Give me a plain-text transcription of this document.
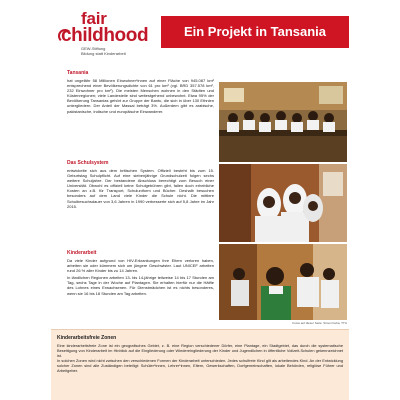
fair
childhood
GEW-Stiftung
Bildung statt Kinderarbeit
Ein Projekt in Tansania
Tansania
hat ungefähr 58 Millionen Einwohner*innen auf einer Fläche von 945.087 km² entsprechend einer Bevölkerungsdichte von 61 pro km² (vgl. BRD 357.578 km², 232 Einwohner pro km²). Die meisten Menschen wohnen in den Städten und Küstenregionen; viele Landesteile sind weitestgehend unbewohnt. Etwa 95% der Bevölkerung Tansanias gehört zur Gruppe der Bantu, die sich in über 130 Ethnien untergliedern. Der Anteil der Massai beträgt 3%. Außerdem gibt es arabische, pakistanische, indische und europäische Einwanderer.
Das Schulsystem
entwickelte sich aus dem britischen System. Offiziell besteht bis zum 15. Geburtstag Schulpflicht. Auf eine siebenjährige Grundschulzeit folgen sechs weitere Schuljahre. Der bestandene Abschluss berechtigt zum Besuch einer Universität. Obwohl es offiziell keine Schulgebühren gibt, fallen doch erhebliche Kosten an z.B. für Transport, Schuluniform und Bücher. Deshalb besuchen besonders auf dem Land viele Kinder die Schule nicht. Die mittlere Schulbesuchsdauer von 3,6 Jahren in 1990 verbesserte sich auf 5,8 Jahre im Jahr 2015.
Kinderarbeit
Da viele Kinder aufgrund von HIV-Erkrankungen ihre Eltern verloren haben, arbeiten sie oder kümmern sich um jüngere Geschwister. Laut UNICEF arbeiten rund 26 % aller Kinder bis zu 14 Jahren.
In ländlichen Regionen arbeiten 13- bis 14-jährige teilweise 14 bis 17 Stunden am Tag, sechs Tage in der Woche auf Plantagen. Sie erhalten hierfür nur die Hälfte des Lohnes eines Erwachsenen. Für Dienstmädchen ist es nichts besonderes, wenn sie 16 bis 18 Stunden am Tag arbeiten.
Fotos auf dieser Seite: Simon Keba, TTU
Kinderarbeitsfreie Zonen
Eine kinderarbeitsfreie Zone ist ein geografisches Gebiet, z. B. eine Region verschiedener Dörfer, eine Plantage, ein Stadtgebiet, das durch die systematische Beseitigung von Kinderarbeit im Hinblick auf die Eingliederung oder Wiedereingliederung der Kinder und Jugendlichen in öffentliche Vollzeit-Schulen gekennzeichnet ist.
In solchen Zonen wird nicht zwischen den verschiedenen Formen der Kinderarbeit unterschieden. Jedes schulfreie Kind gilt als arbeitendes Kind. An der Entwicklung solcher Zonen sind alle Zuständigen beteiligt: Schüler*innen, Lehrer*innen, Eltern, Gewerkschaften, Dorfgemeinschaften, lokale Behörden, religiöse Führer und Arbeitgeber.
